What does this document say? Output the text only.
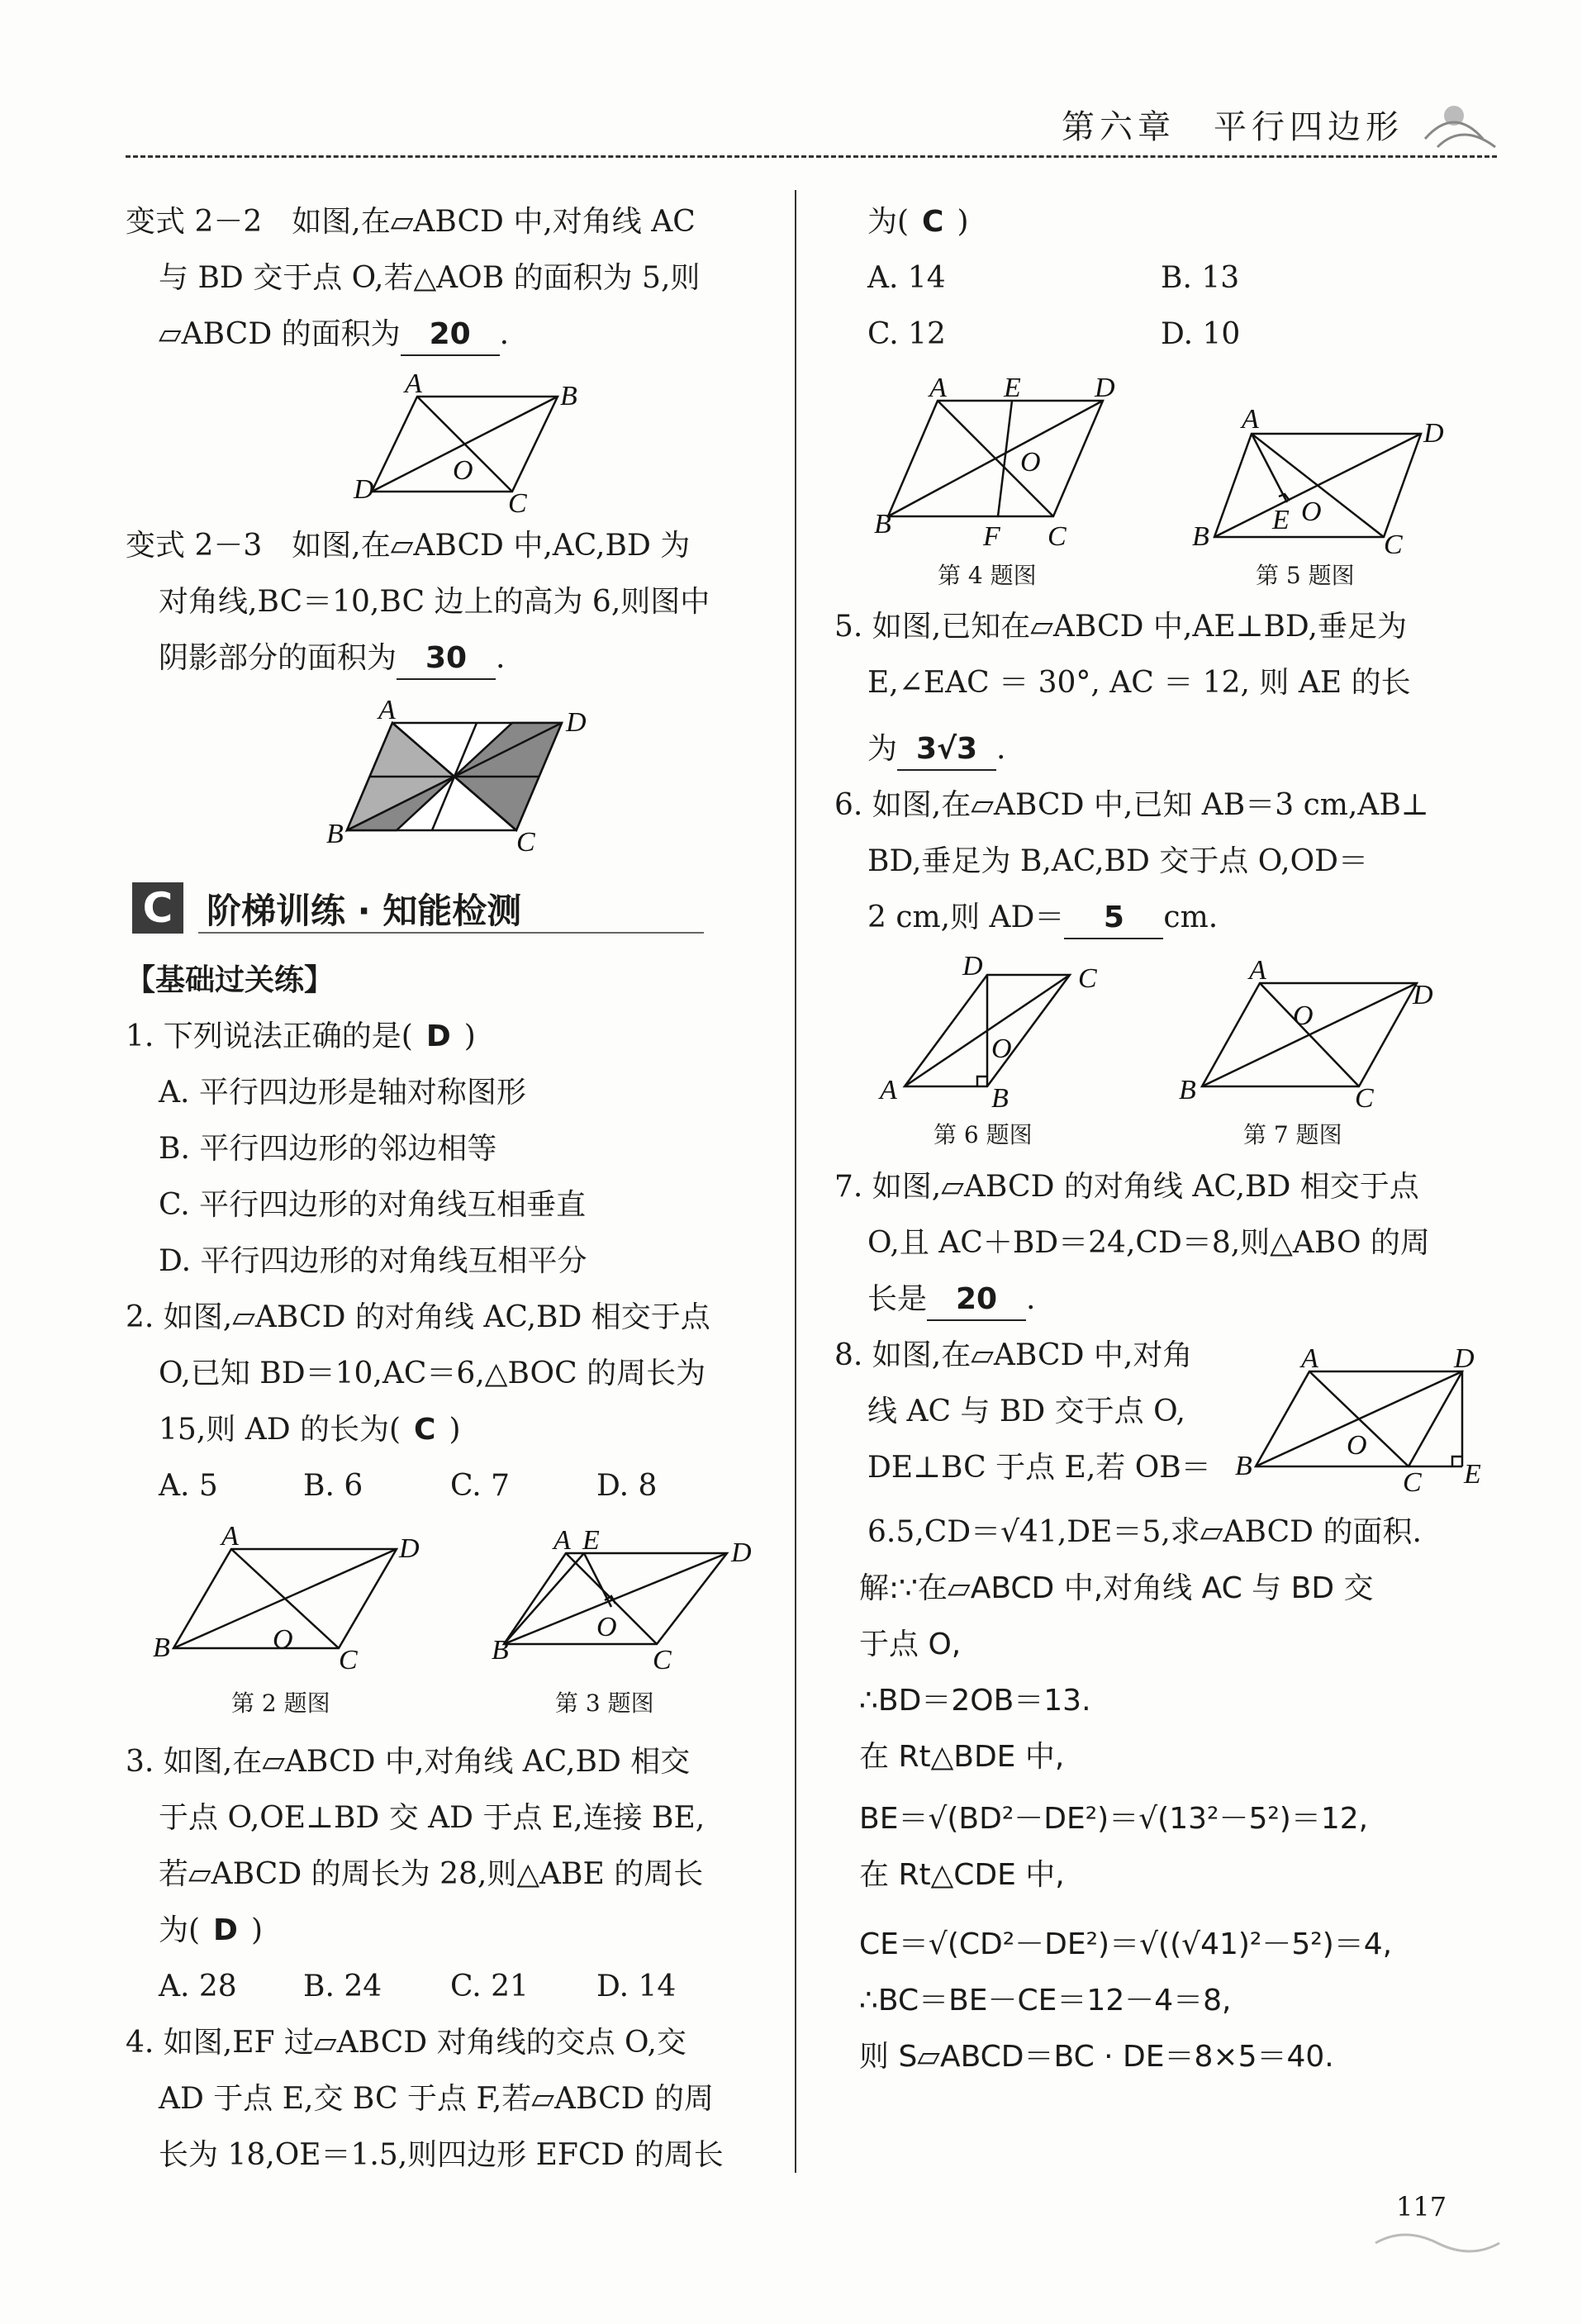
第六章　平行四边形
变式 2－2　如图,在▱ABCD 中,对角线 AC
与 BD 交于点 O,若△AOB 的面积为 5,则
▱ABCD 的面积为 20 .
A	B
D	C
O
变式 2－3　如图,在▱ABCD 中,AC,BD 为
对角线,BC＝10,BC 边上的高为 6,则图中
阴影部分的面积为 30 .
A	D
B	C
C 阶梯训练 · 知能检测
【基础过关练】
1. 下列说法正确的是( D )
A. 平行四边形是轴对称图形
B. 平行四边形的邻边相等
C. 平行四边形的对角线互相垂直
D. 平行四边形的对角线互相平分
2. 如图,▱ABCD 的对角线 AC,BD 相交于点
O,已知 BD＝10,AC＝6,△BOC 的周长为
15,则 AD 的长为( C )
A. 5	B. 6	C. 7	D. 8
A	D
B	C
O
第 2 题图
A E	D
B	C
O
第 3 题图
3. 如图,在▱ABCD 中,对角线 AC,BD 相交
于点 O,OE⊥BD 交 AD 于点 E,连接 BE,
若▱ABCD 的周长为 28,则△ABE 的周长
为( D )
A. 28 B. 24 C. 21 D. 14
4. 如图,EF 过▱ABCD 对角线的交点 O,交
AD 于点 E,交 BC 于点 F,若▱ABCD 的周
长为 18,OE＝1.5,则四边形 EFCD 的周长
为( C )
A. 14	B. 13
C. 12	D. 10
A E	D
B	F C
O
第 4 题图
A	D
B
E O
C
第 5 题图
5. 如图,已知在▱ABCD 中,AE⊥BD,垂足为
E,∠EAC ＝ 30°, AC ＝ 12, 则 AE 的长
为 3√3 .
6. 如图,在▱ABCD 中,已知 AB＝3 cm,AB⊥
BD,垂足为 B,AC,BD 交于点 O,OD＝
2 cm,则 AD＝ 5 cm.
D	C
A	B
O
第 6 题图
A
D
B	C
O
第 7 题图
7. 如图,▱ABCD 的对角线 AC,BD 相交于点
O,且 AC＋BD＝24,CD＝8,则△ABO 的周
长是 20 .
8. 如图,在▱ABCD 中,对角
线 AC 与 BD 交于点 O,
DE⊥BC 于点 E,若 OB＝
6.5,CD＝√41,DE＝5,求▱ABCD 的面积.
A	D
B
C E
O
解:∵在▱ABCD 中,对角线 AC 与 BD 交
于点 O,
∴BD＝2OB＝13.
在 Rt△BDE 中,
BE＝√(BD²－DE²)＝√(13²－5²)＝12,
在 Rt△CDE 中,
CE＝√(CD²－DE²)＝√((√41)²－5²)＝4,
∴BC＝BE－CE＝12－4＝8,
则 S▱ABCD＝BC · DE＝8×5＝40.
117
